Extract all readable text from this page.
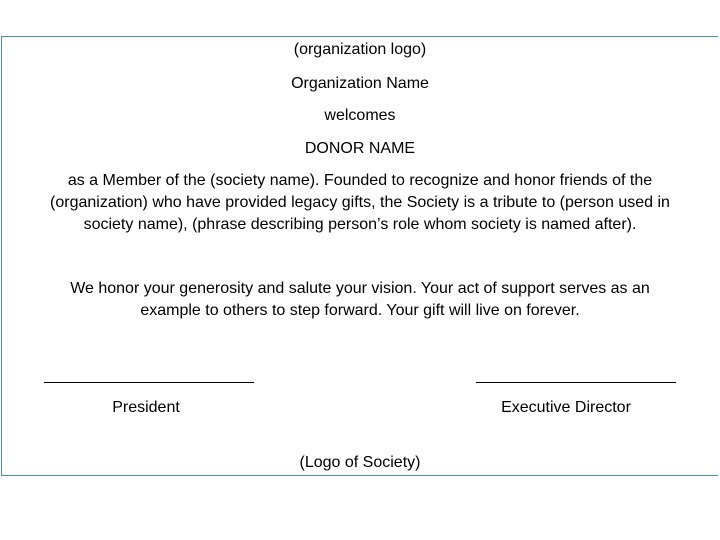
(organization logo)
Organization Name
welcomes
DONOR NAME
as a Member of the (society name). Founded to recognize and honor friends of the
(organization) who have provided legacy gifts, the Society is a tribute to (person used in
society name), (phrase describing person’s role whom society is named after).
We honor your generosity and salute your vision. Your act of support serves as an
example to others to step forward. Your gift will live on forever.
President	Executive Director
(Logo of Society)
